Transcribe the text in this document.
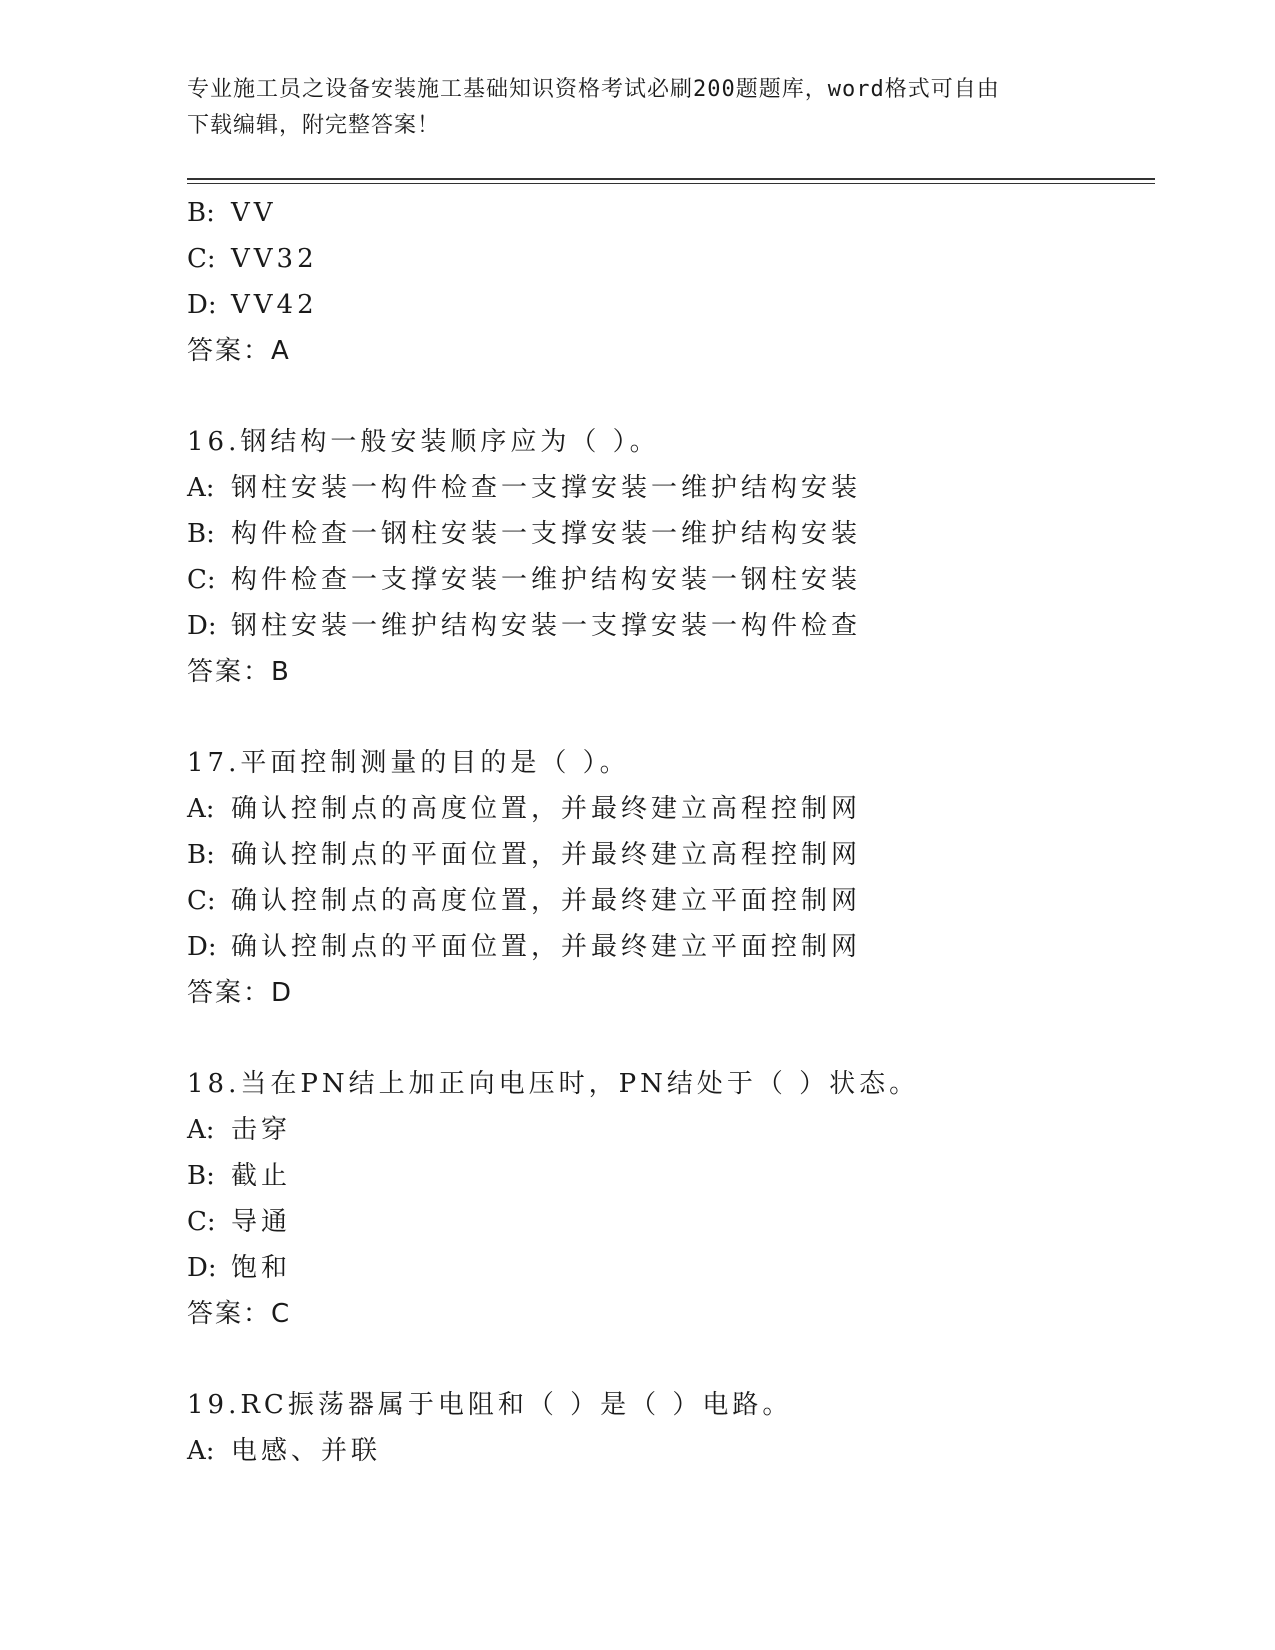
专业施工员之设备安装施工基础知识资格考试必刷200题题库，word格式可自由
下载编辑，附完整答案！
B: VV
C: VV32
D: VV42
答案：A
16.钢结构一般安装顺序应为（ ）。
A: 钢柱安装一构件检查一支撑安装一维护结构安装
B: 构件检查一钢柱安装一支撑安装一维护结构安装
C: 构件检查一支撑安装一维护结构安装一钢柱安装
D: 钢柱安装一维护结构安装一支撑安装一构件检查
答案：B
17.平面控制测量的目的是（ ）。
A: 确认控制点的高度位置，并最终建立高程控制网
B: 确认控制点的平面位置，并最终建立高程控制网
C: 确认控制点的高度位置，并最终建立平面控制网
D: 确认控制点的平面位置，并最终建立平面控制网
答案：D
18.当在PN结上加正向电压时，PN结处于（ ）状态。
A: 击穿
B: 截止
C: 导通
D: 饱和
答案：C
19.RC振荡器属于电阻和（ ）是（ ）电路。
A: 电感、并联
